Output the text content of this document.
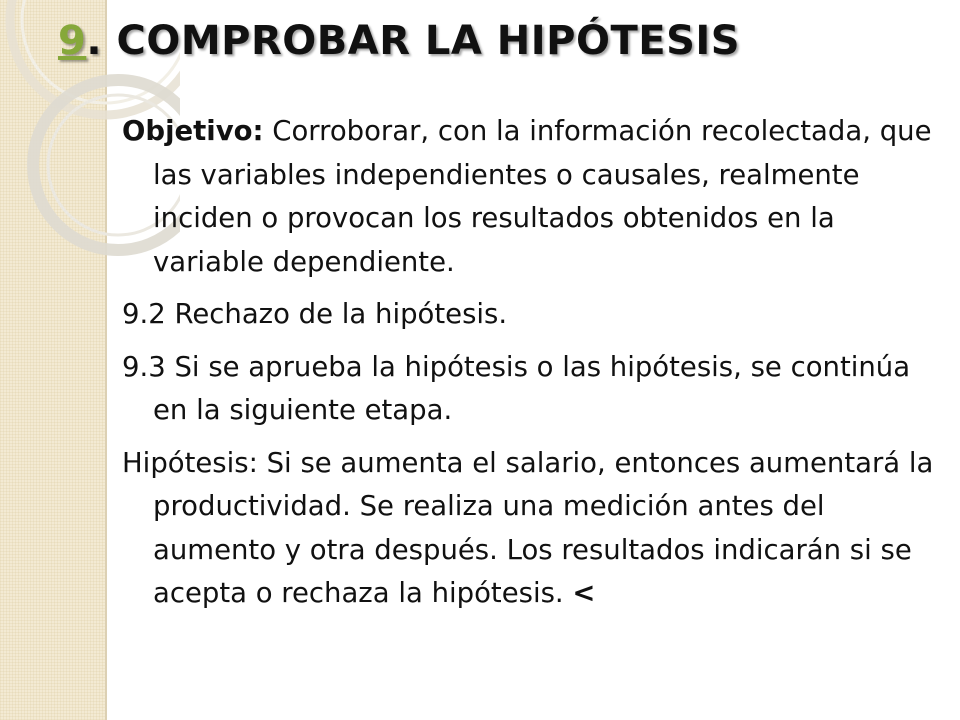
9. COMPROBAR LA HIPÓTESIS

Objetivo: Corroborar, con la información recolectada, que las variables independientes o causales, realmente inciden o provocan los resultados obtenidos en la variable dependiente.

9.2 Rechazo de la hipótesis.

9.3 Si se aprueba la hipótesis o las hipótesis, se continúa en la siguiente etapa.

Hipótesis: Si se aumenta el salario, entonces aumentará la productividad. Se realiza una medición antes del aumento y otra después. Los resultados indicarán si se acepta o rechaza la hipótesis. <
